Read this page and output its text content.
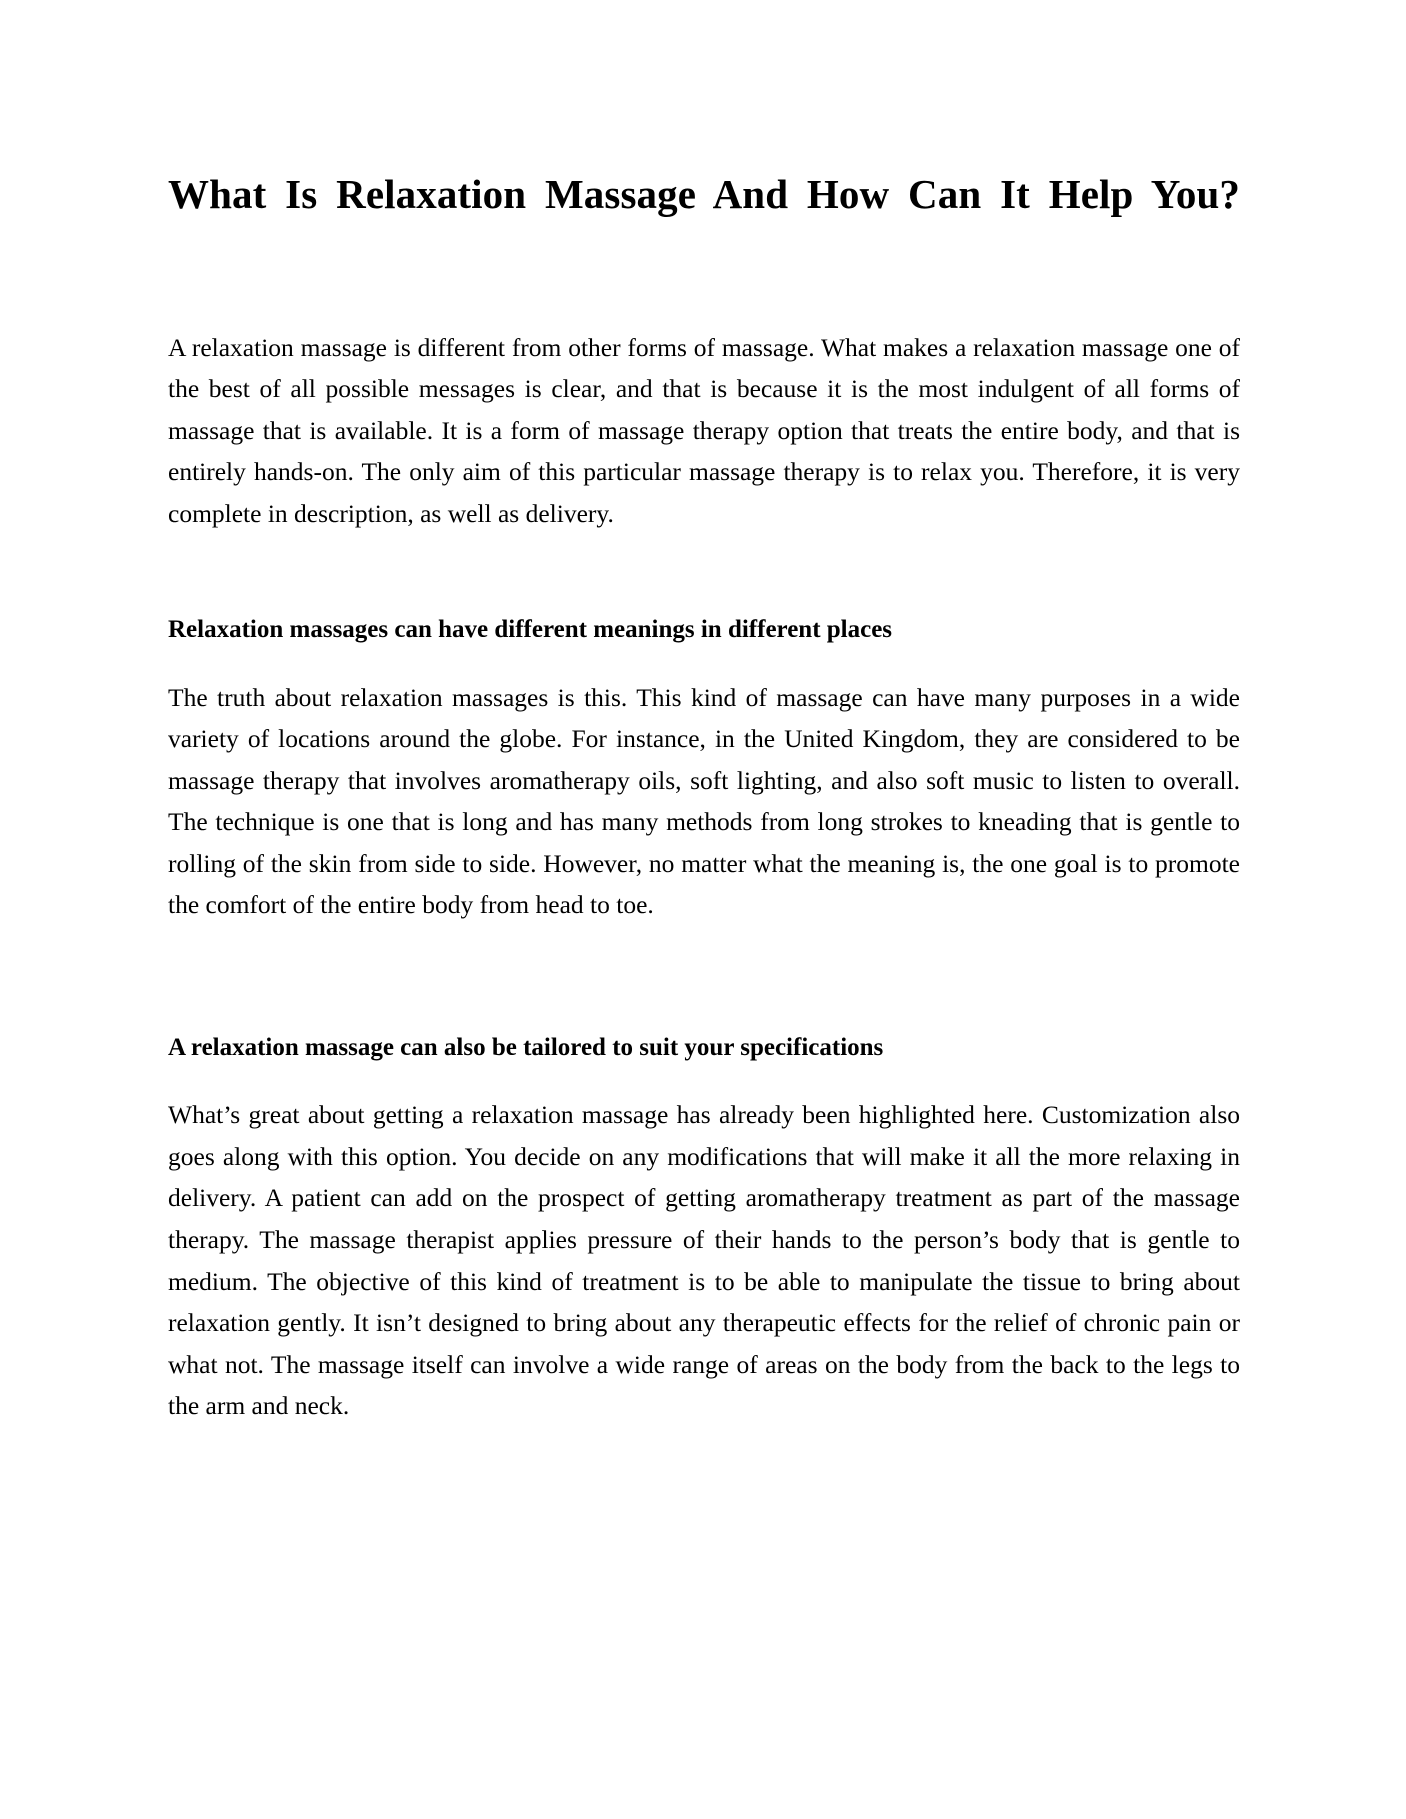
What Is Relaxation Massage And How Can It Help You?

A relaxation massage is different from other forms of massage. What makes a relaxation massage one of the best of all possible messages is clear, and that is because it is the most indulgent of all forms of massage that is available. It is a form of massage therapy option that treats the entire body, and that is entirely hands-on. The only aim of this particular massage therapy is to relax you. Therefore, it is very complete in description, as well as delivery.

Relaxation massages can have different meanings in different places

The truth about relaxation massages is this. This kind of massage can have many purposes in a wide variety of locations around the globe. For instance, in the United Kingdom, they are considered to be massage therapy that involves aromatherapy oils, soft lighting, and also soft music to listen to overall. The technique is one that is long and has many methods from long strokes to kneading that is gentle to rolling of the skin from side to side. However, no matter what the meaning is, the one goal is to promote the comfort of the entire body from head to toe.

A relaxation massage can also be tailored to suit your specifications

What’s great about getting a relaxation massage has already been highlighted here. Customization also goes along with this option. You decide on any modifications that will make it all the more relaxing in delivery. A patient can add on the prospect of getting aromatherapy treatment as part of the massage therapy. The massage therapist applies pressure of their hands to the person’s body that is gentle to medium. The objective of this kind of treatment is to be able to manipulate the tissue to bring about relaxation gently. It isn’t designed to bring about any therapeutic effects for the relief of chronic pain or what not. The massage itself can involve a wide range of areas on the body from the back to the legs to the arm and neck.
